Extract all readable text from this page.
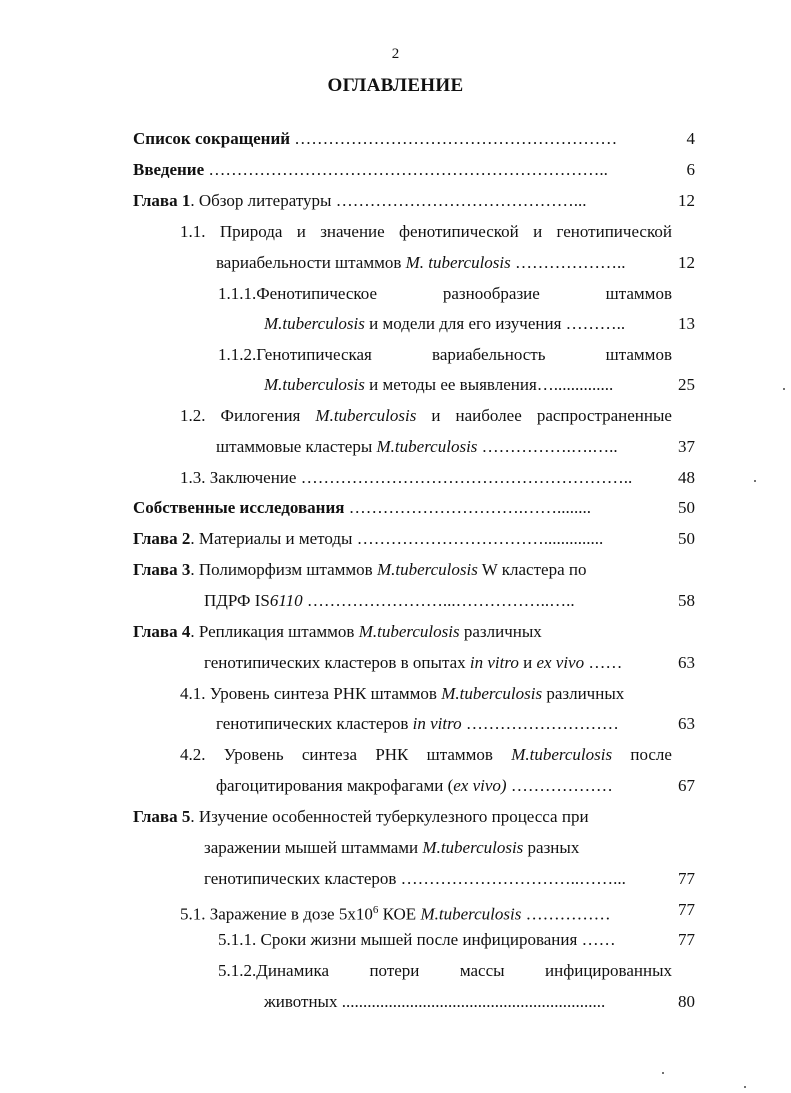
2
ОГЛАВЛЕНИЕ
Список сокращений …………………………………………………	4
Введение ……………………………………………………………..	6
Глава 1. Обзор литературы ……………………………………...	12
1.1. Природа и значение фенотипической и генотипической
вариабельности штаммов M. tuberculosis ………………..	12
1.1.1.Фенотипическое	разнообразие	штаммов
M.tuberculosis и модели для его изучения ………..	13
1.1.2.Генотипическая	вариабельность	штаммов
M.tuberculosis и методы ее выявления…..............	25
1.2. Филогения M.tuberculosis и наиболее распространенные
штаммовые кластеры M.tuberculosis …………….….…..	37
1.3. Заключение …………………………………………………..	48
Собственные исследования ………………………….……........	50
Глава 2. Материалы и методы ……………………………..............	50
Глава 3. Полиморфизм штаммов M.tuberculosis W кластера по
ПДРФ IS6110 ……………………...……………..…..	58
Глава 4. Репликация штаммов M.tuberculosis различных
генотипических кластеров в опытах in vitro и ex vivo ……	63
4.1. Уровень синтеза РНК штаммов M.tuberculosis различных
генотипических кластеров in vitro ………………………	63
4.2. Уровень синтеза РНК штаммов M.tuberculosis после
фагоцитирования макрофагами (ex vivo) ………………	67
Глава 5. Изучение особенностей туберкулезного процесса при
заражении мышей штаммами M.tuberculosis разных
генотипических кластеров …………………………..……...	77
5.1. Заражение в дозе $5x10^6$ КОЕ M.tuberculosis ……………	77
5.1.1. Сроки жизни мышей после инфицирования ……	77
5.1.2.Динамика потери массы инфицированных
животных ..............................................................	80
